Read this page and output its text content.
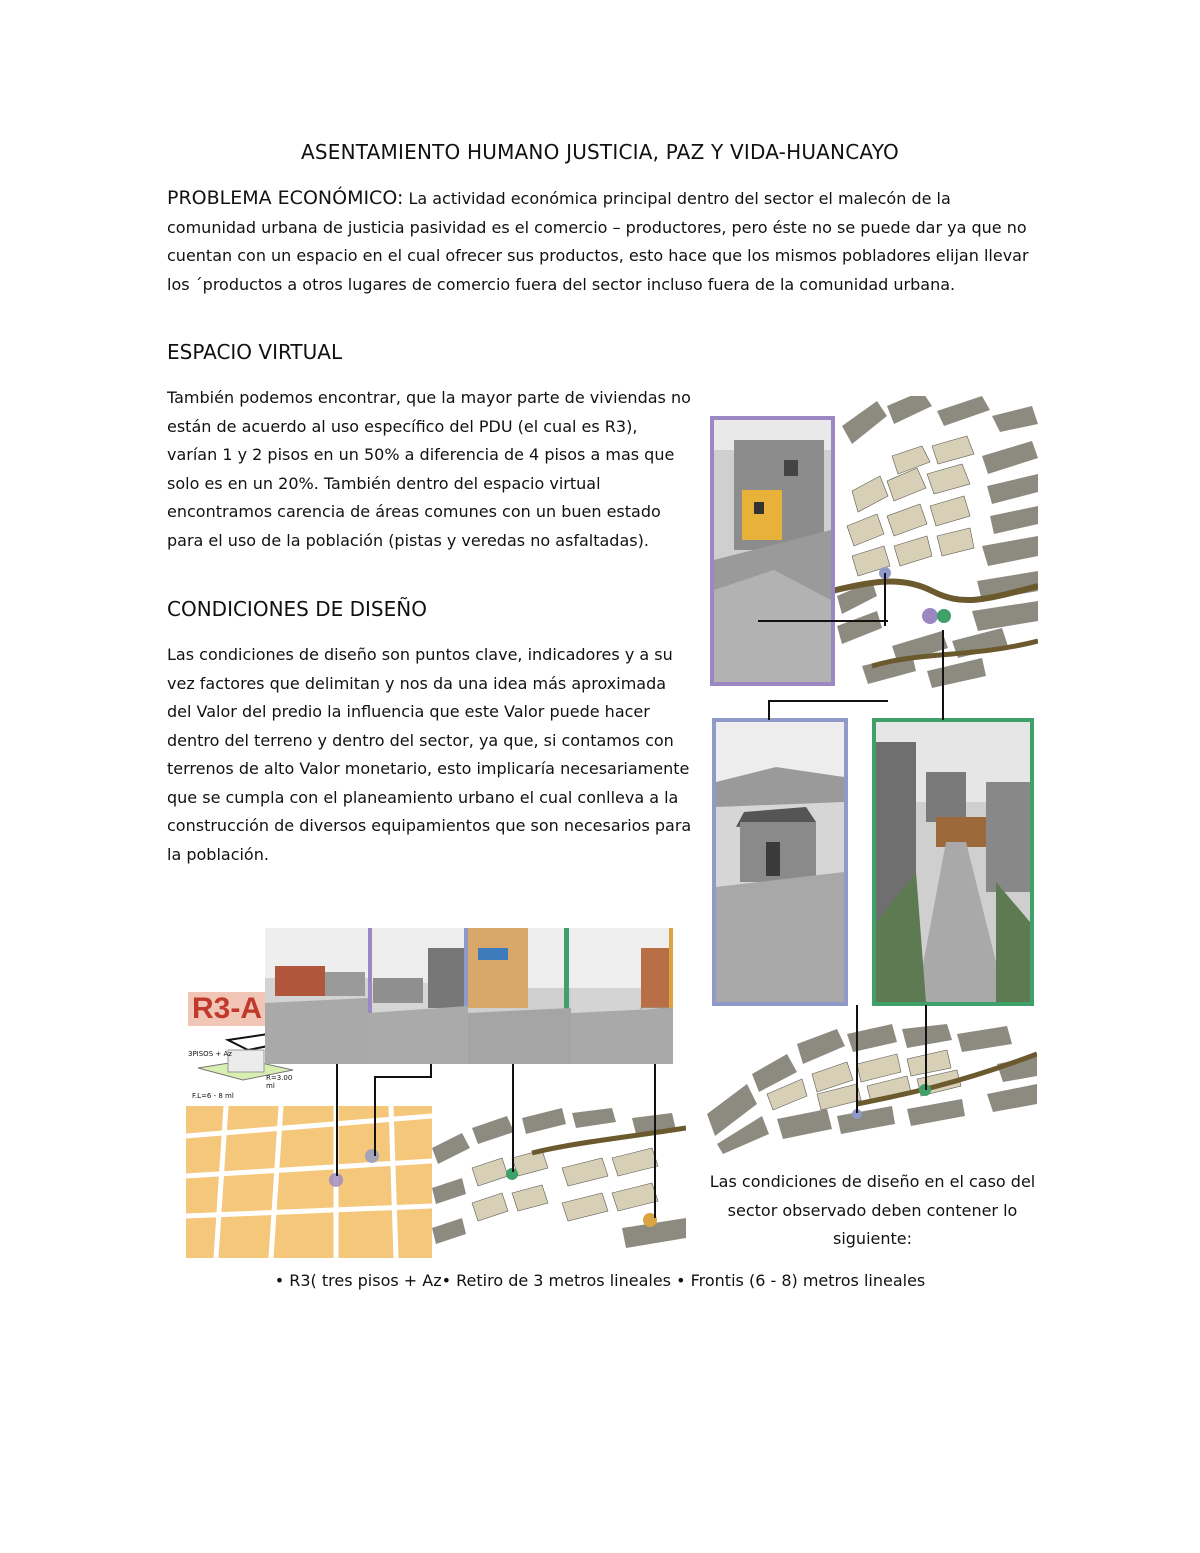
ASENTAMIENTO HUMANO JUSTICIA, PAZ Y VIDA-HUANCAYO
PROBLEMA ECONÓMICO: La actividad económica principal dentro del sector el malecón de la comunidad urbana de justicia pasividad es el comercio – productores, pero éste no se puede dar ya que no cuentan con un espacio en el cual ofrecer sus productos, esto hace que los mismos pobladores elijan llevar los ´productos a otros lugares de comercio fuera del sector incluso fuera de la comunidad urbana.
ESPACIO VIRTUAL
También podemos encontrar, que la mayor parte de viviendas no están de acuerdo al uso específico del PDU (el cual es R3), varían 1 y 2 pisos en un 50% a diferencia de 4 pisos a mas que solo es en un 20%. También dentro del espacio virtual encontramos carencia de áreas comunes con un buen estado para el uso de la población (pistas y veredas no asfaltadas).
CONDICIONES DE DISEÑO
Las condiciones de diseño son puntos clave, indicadores y a su vez factores que delimitan y nos da una idea más aproximada del Valor del predio la influencia que este Valor puede hacer dentro del terreno y dentro del sector, ya que, si contamos con terrenos de alto Valor monetario, esto implicaría necesariamente que se cumpla con el planeamiento urbano el cual conlleva a la construcción de diversos equipamientos que son necesarios para la población.
Las condiciones de diseño en el caso del sector observado deben contener lo siguiente:
R3-A
3PISOS + Az
R=3.00 ml
F.L=6 - 8 ml
• R3( tres pisos + Az• Retiro de 3 metros lineales • Frontis (6 - 8) metros lineales
